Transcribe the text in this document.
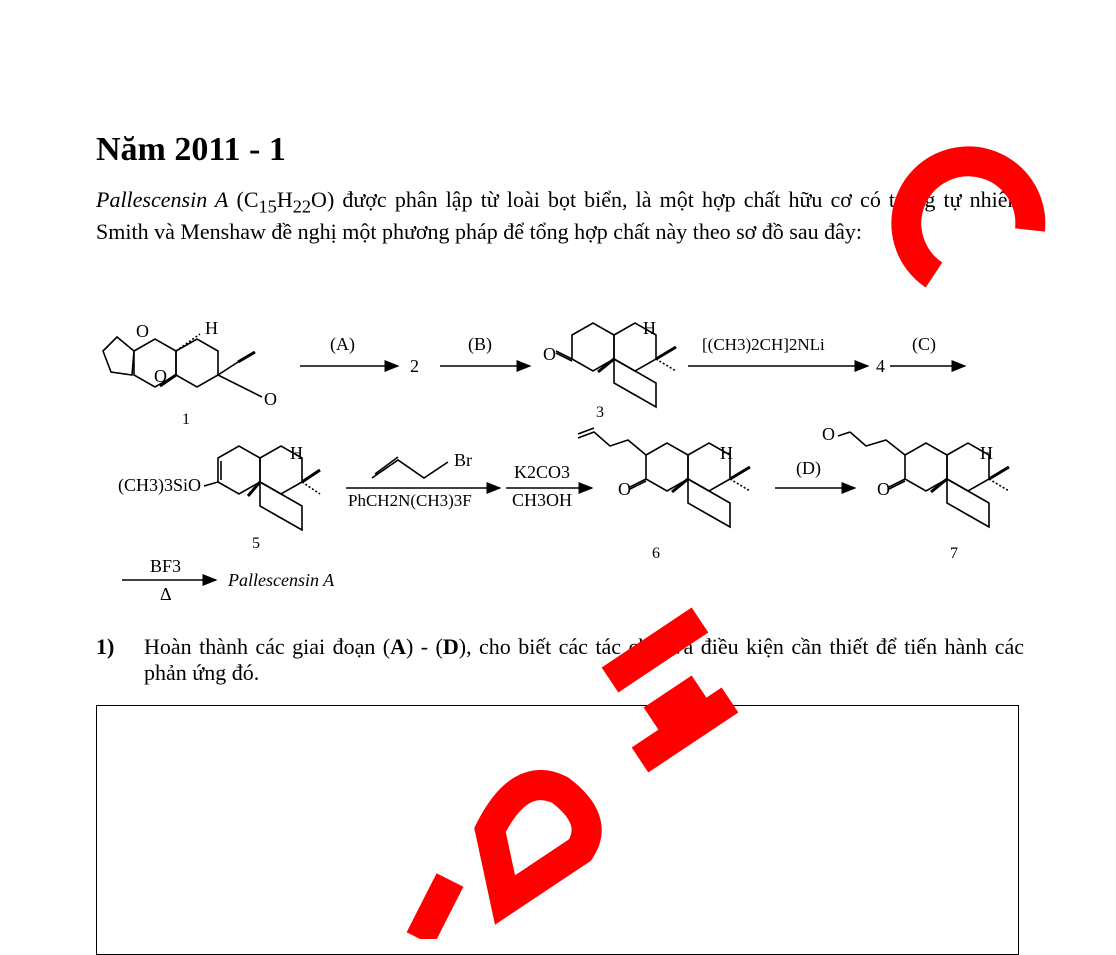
Năm 2011 - 1

Pallescensin A $(C_{15}H_{22}O)$ được phân lập từ loài bọt biển, là một hợp chất hữu cơ có trong tự nhiên. Smith và Menshaw đề nghị một phương pháp để tổng hợp chất này theo sơ đồ sau đây:

O
O
O
H
1
(A)
2
(B)	O
H
3
[(CH3)2CH]2NLi
4
(C)
(CH3)3SiO
H
5
Br
PhCH2N(CH3)3F
K2CO3
CH3OH
O
H
6
(D)
O
O
H
7
BF3
Δ
Pallescensin A
1) Hoàn thành các giai đoạn (A) - (D), cho biết các tác chất và điều kiện cần thiết để tiến hành các phản ứng đó.
